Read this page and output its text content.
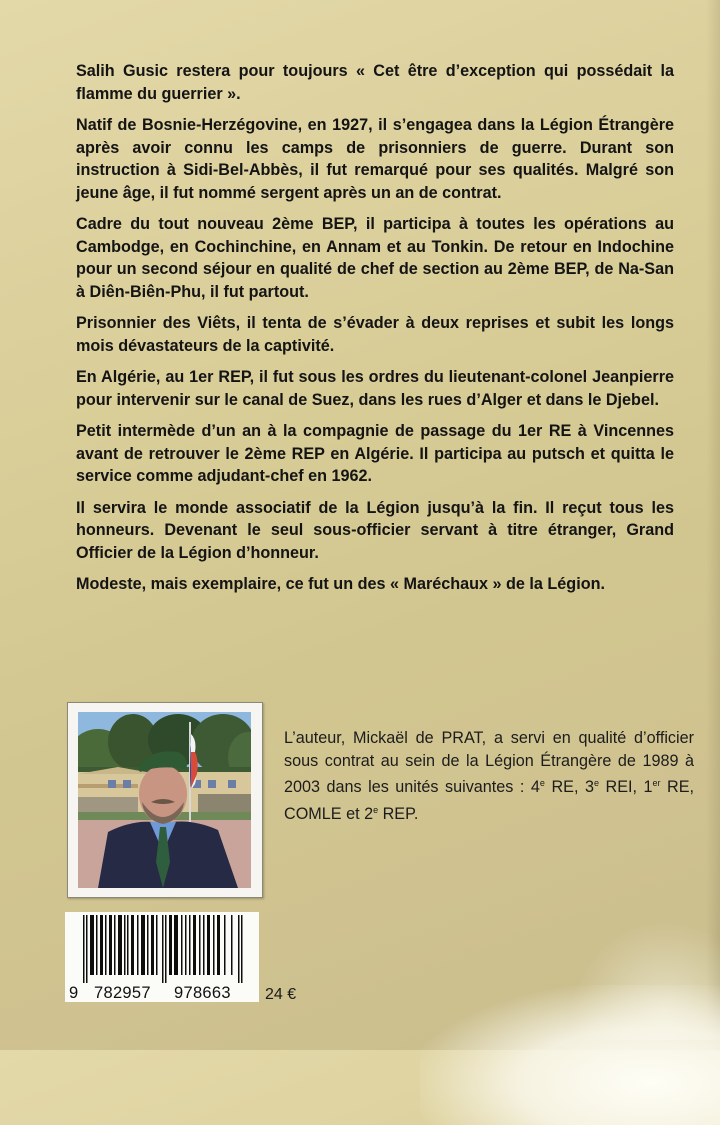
Salih Gusic restera pour toujours « Cet être d’exception qui possédait la flamme du guerrier ».

Natif de Bosnie-Herzégovine, en 1927, il s’engagea dans la Légion Étrangère après avoir connu les camps de prisonniers de guerre. Durant son instruction à Sidi-Bel-Abbès, il fut remarqué pour ses qualités. Malgré son jeune âge, il fut nommé sergent après un an de contrat.

Cadre du tout nouveau 2ème BEP, il participa à toutes les opérations au Cambodge, en Cochinchine, en Annam et au Tonkin. De retour en Indochine pour un second séjour en qualité de chef de section au 2ème BEP, de Na-San à Diên-Biên-Phu, il fut partout.

Prisonnier des Viêts, il tenta de s’évader à deux reprises et subit les longs mois dévastateurs de la captivité.

En Algérie, au 1er REP, il fut sous les ordres du lieutenant-colonel Jeanpierre pour intervenir sur le canal de Suez, dans les rues d’Alger et dans le Djebel.

Petit intermède d’un an à la compagnie de passage du 1er RE à Vincennes avant de retrouver le 2ème REP en Algérie. Il participa au putsch et quitta le service comme adjudant-chef en 1962.

Il servira le monde associatif de la Légion jusqu’à la fin. Il reçut tous les honneurs. Devenant le seul sous-officier servant à titre étranger, Grand Officier de la Légion d’honneur.

Modeste, mais exemplaire, ce fut un des « Maréchaux » de la Légion.

L’auteur, Mickaël de PRAT, a servi en qualité d’officier sous contrat au sein de la Légion Étrangère de 1989 à 2003 dans les unités suivantes : 4e RE, 3e REI, 1er RE, COMLE et 2e REP.
9 782957 978663 24 €
